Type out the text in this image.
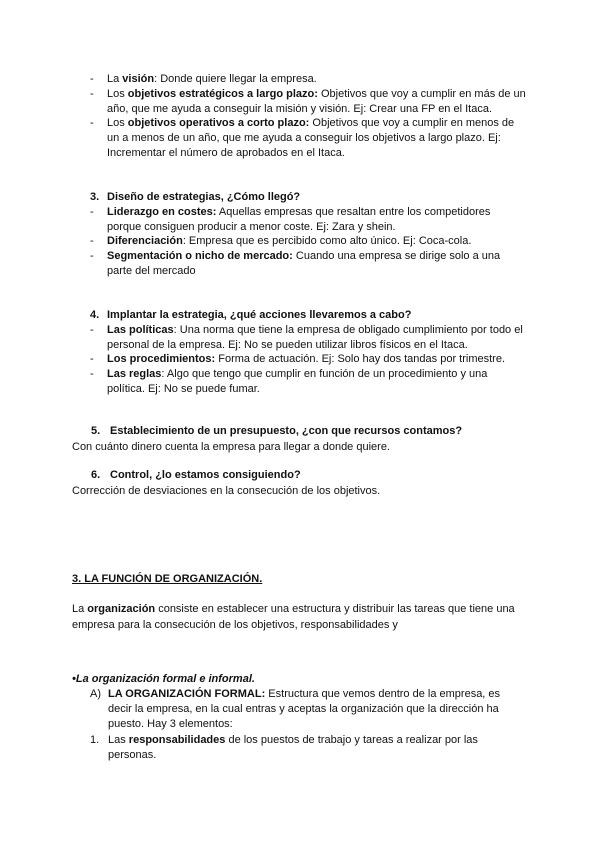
- La visión: Donde quiere llegar la empresa.
- Los objetivos estratégicos a largo plazo: Objetivos que voy a cumplir en más de un año, que me ayuda a conseguir la misión y visión. Ej: Crear una FP en el Itaca.
- Los objetivos operativos a corto plazo: Objetivos que voy a cumplir en menos de un a menos de un año, que me ayuda a conseguir los objetivos a largo plazo. Ej: Incrementar el número de aprobados en el Itaca.
3. Diseño de estrategias, ¿Cómo llegó?
- Liderazgo en costes: Aquellas empresas que resaltan entre los competidores porque consiguen producir a menor coste. Ej: Zara y shein.
- Diferenciación: Empresa que es percibido como alto único. Ej: Coca-cola.
- Segmentación o nicho de mercado: Cuando una empresa se dirige solo a una parte del mercado
4. Implantar la estrategia, ¿qué acciones llevaremos a cabo?
- Las políticas: Una norma que tiene la empresa de obligado cumplimiento por todo el personal de la empresa. Ej: No se pueden utilizar libros físicos en el Itaca.
- Los procedimientos: Forma de actuación. Ej: Solo hay dos tandas por trimestre.
- Las reglas: Algo que tengo que cumplir en función de un procedimiento y una política. Ej: No se puede fumar.
5. Establecimiento de un presupuesto, ¿con que recursos contamos?
Con cuánto dinero cuenta la empresa para llegar a donde quiere.
6. Control, ¿lo estamos consiguiendo?
Corrección de desviaciones en la consecución de los objetivos.
3. LA FUNCIÓN DE ORGANIZACIÓN.
La organización consiste en establecer una estructura y distribuir las tareas que tiene una empresa para la consecución de los objetivos, responsabilidades y
•La organización formal e informal.
A) LA ORGANIZACIÓN FORMAL: Estructura que vemos dentro de la empresa, es decir la empresa, en la cual entras y aceptas la organización que la dirección ha puesto. Hay 3 elementos:
1. Las responsabilidades de los puestos de trabajo y tareas a realizar por las personas.
